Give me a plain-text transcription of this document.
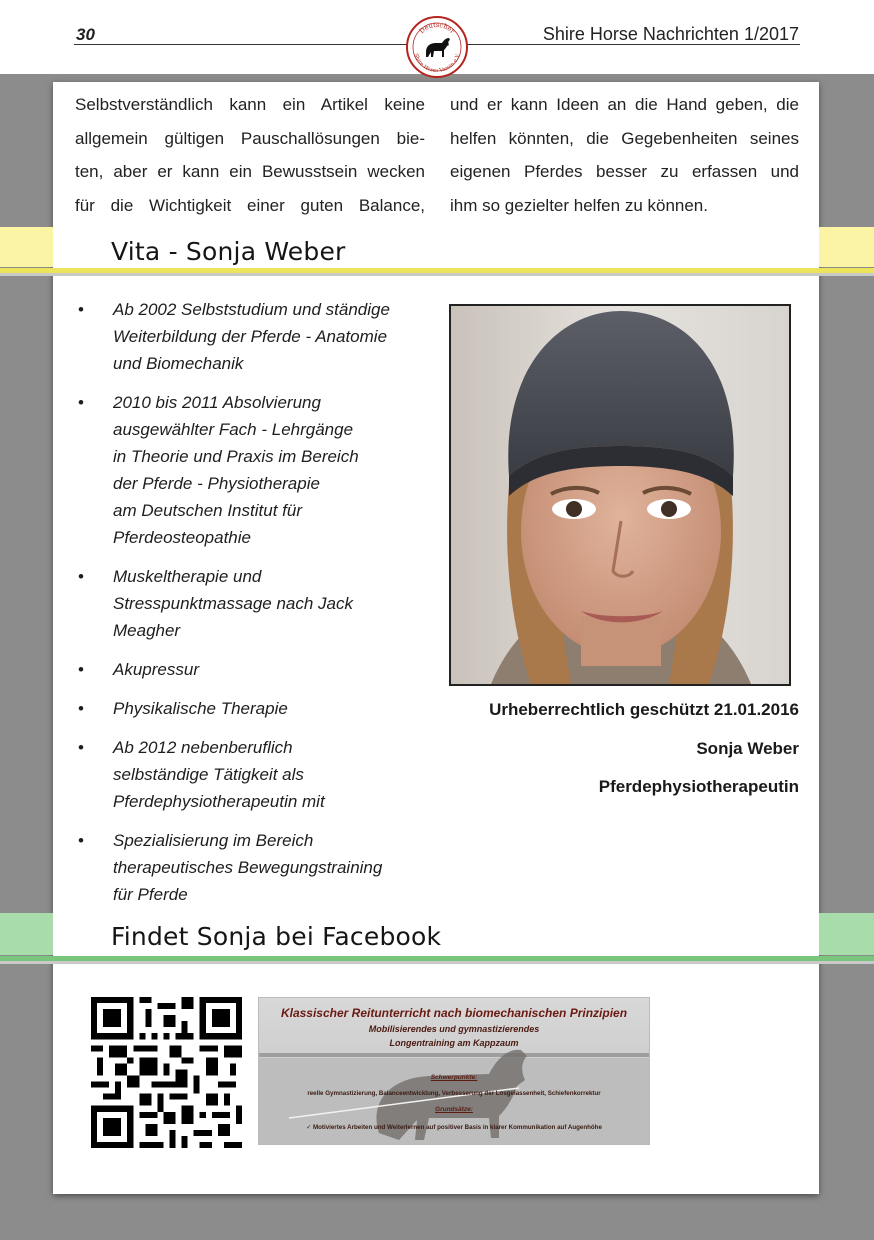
30	Shire Horse Nachrichten 1/2017
Deutscher
Shire Horse Verein e.V.
Selbstverständlich kann ein Artikel keine
allgemein gültigen Pauschallösungen bie-
ten, aber er kann ein Bewusstsein wecken
für die Wichtigkeit einer guten Balance,
und er kann Ideen an die Hand geben, die
helfen könnten, die Gegebenheiten seines
eigenen Pferdes besser zu erfassen und
ihm so gezielter helfen zu können.
Vita - Sonja Weber
• Ab 2002 Selbststudium und ständige
Weiterbildung der Pferde - Anatomie
und Biomechanik
• 2010 bis 2011 Absolvierung
ausgewählter Fach - Lehrgänge
in Theorie und Praxis im Bereich
der Pferde - Physiotherapie
am Deutschen Institut für
Pferdeosteopathie
• Muskeltherapie und
Stresspunktmassage nach Jack
Meagher
• Akupressur
• Physikalische Therapie
• Ab 2012 nebenberuflich
selbständige Tätigkeit als
Pferdephysiotherapeutin mit
• Spezialisierung im Bereich
therapeutisches Bewegungstraining
für Pferde
Urheberrechtlich geschützt 21.01.2016
Sonja Weber
Pferdephysiotherapeutin
Findet Sonja bei Facebook
Klassischer Reitunterricht nach biomechanischen Prinzipien
Mobilisierendes und gymnastizierendes
Longentraining am Kappzaum
Schwerpunkte:
reelle Gymnastizierung, Balanceentwicklung, Verbesserung der Losgelassenheit, Schiefenkorrektur
Grundsätze:
✓ Motiviertes Arbeiten und Weiterlernen auf positiver Basis in klarer Kommunikation auf Augenhöhe
